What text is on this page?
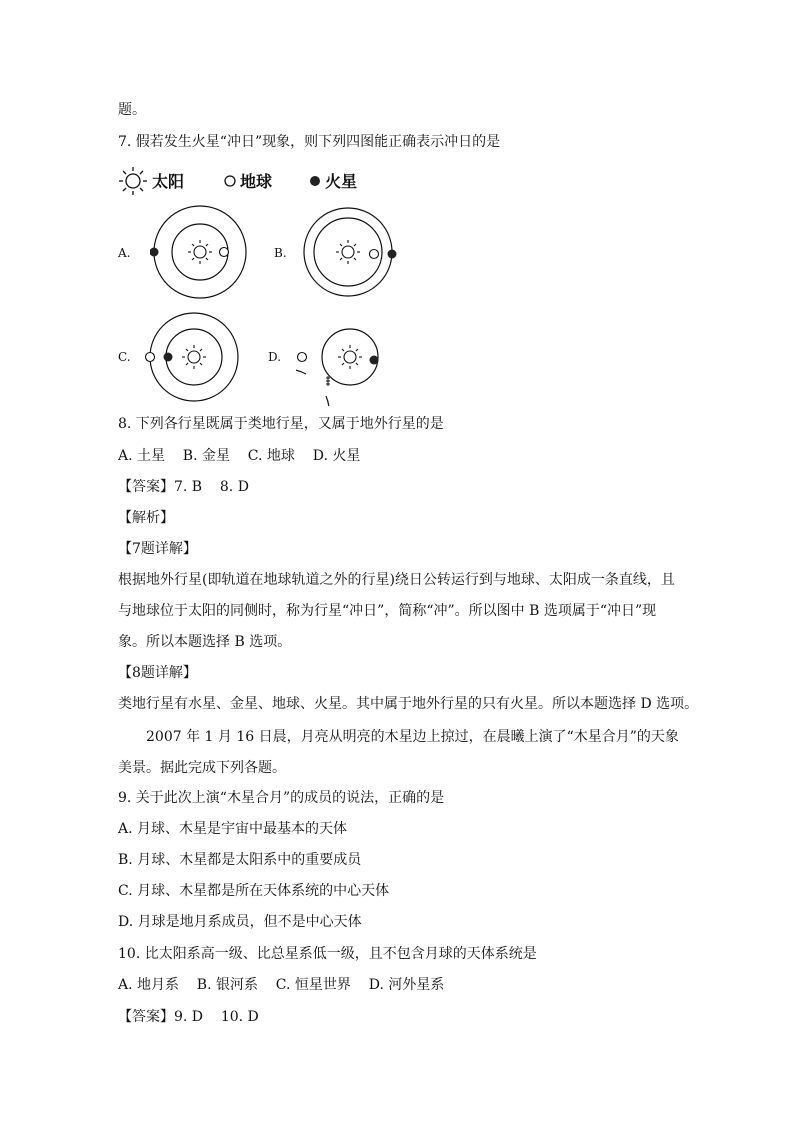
题。
7. 假若发生火星“冲日”现象，则下列四图能正确表示冲日的是
太阳	地球	火星
A.	B.
C.	D.
8. 下列各行星既属于类地行星，又属于地外行星的是
A. 土星    B. 金星    C. 地球    D. 火星
【答案】7. B    8. D
【解析】
【7题详解】
根据地外行星(即轨道在地球轨道之外的行星)绕日公转运行到与地球、太阳成一条直线，且
与地球位于太阳的同侧时，称为行星“冲日”，简称“冲”。所以图中 B 选项属于“冲日”现
象。所以本题选择 B 选项。
【8题详解】
类地行星有水星、金星、地球、火星。其中属于地外行星的只有火星。所以本题选择 D 选项。
2007 年 1 月 16 日晨，月亮从明亮的木星边上掠过，在晨曦上演了“木星合月”的天象
美景。据此完成下列各题。
9. 关于此次上演“木星合月”的成员的说法，正确的是
A. 月球、木星是宇宙中最基本的天体
B. 月球、木星都是太阳系中的重要成员
C. 月球、木星都是所在天体系统的中心天体
D. 月球是地月系成员，但不是中心天体
10. 比太阳系高一级、比总星系低一级，且不包含月球的天体系统是
A. 地月系    B. 银河系    C. 恒星世界    D. 河外星系
【答案】9. D    10. D
